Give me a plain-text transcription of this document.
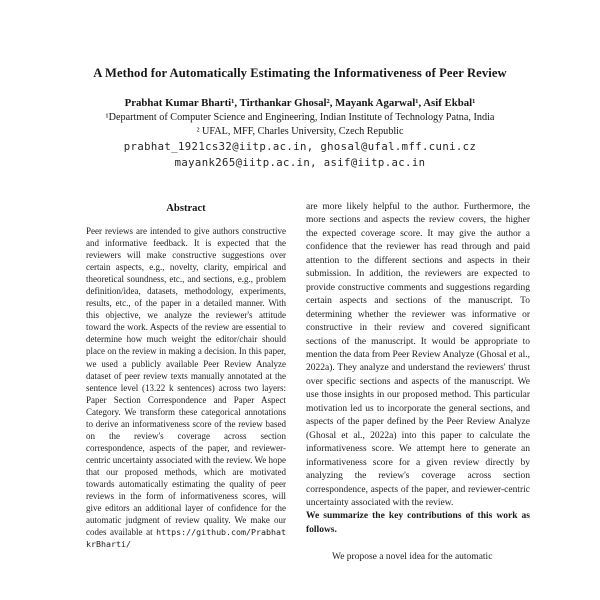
A Method for Automatically Estimating the Informativeness of Peer Review
Prabhat Kumar Bharti¹, Tirthankar Ghosal², Mayank Agarwal¹, Asif Ekbal¹
¹Department of Computer Science and Engineering, Indian Institute of Technology Patna, India
² UFAL, MFF, Charles University, Czech Republic
prabhat_1921cs32@iitp.ac.in, ghosal@ufal.mff.cuni.cz
mayank265@iitp.ac.in, asif@iitp.ac.in
Abstract

Peer reviews are intended to give authors constructive and informative feedback. It is expected that the reviewers will make constructive suggestions over certain aspects, e.g., novelty, clarity, empirical and theoretical soundness, etc., and sections, e.g., problem definition/idea, datasets, methodology, experiments, results, etc., of the paper in a detailed manner. With this objective, we analyze the reviewer's attitude toward the work. Aspects of the review are essential to determine how much weight the editor/chair should place on the review in making a decision. In this paper, we used a publicly available Peer Review Analyze dataset of peer review texts manually annotated at the sentence level (13.22 k sentences) across two layers: Paper Section Correspondence and Paper Aspect Category. We transform these categorical annotations to derive an informativeness score of the review based on the review's coverage across section correspondence, aspects of the paper, and reviewer-centric uncertainty associated with the review. We hope that our proposed methods, which are motivated towards automatically estimating the quality of peer reviews in the form of informativeness scores, will give editors an additional layer of confidence for the automatic judgment of review quality. We make our codes available at https://github.com/PrabhatkrBharti/

are more likely helpful to the author. Furthermore, the more sections and aspects the review covers, the higher the expected coverage score. It may give the author a confidence that the reviewer has read through and paid attention to the different sections and aspects in their submission. In addition, the reviewers are expected to provide constructive comments and suggestions regarding certain aspects and sections of the manuscript. To determining whether the reviewer was informative or constructive in their review and covered significant sections of the manuscript. It would be appropriate to mention the data from Peer Review Analyze (Ghosal et al., 2022a). They analyze and understand the reviewers' thrust over specific sections and aspects of the manuscript. We use those insights in our proposed method. This particular motivation led us to incorporate the general sections, and aspects of the paper defined by the Peer Review Analyze (Ghosal et al., 2022a) into this paper to calculate the informativeness score. We attempt here to generate an informativeness score for a given review directly by analyzing the review's coverage across section correspondence, aspects of the paper, and reviewer-centric uncertainty associated with the review.

We summarize the key contributions of this work as follows.

We propose a novel idea for the automatic
